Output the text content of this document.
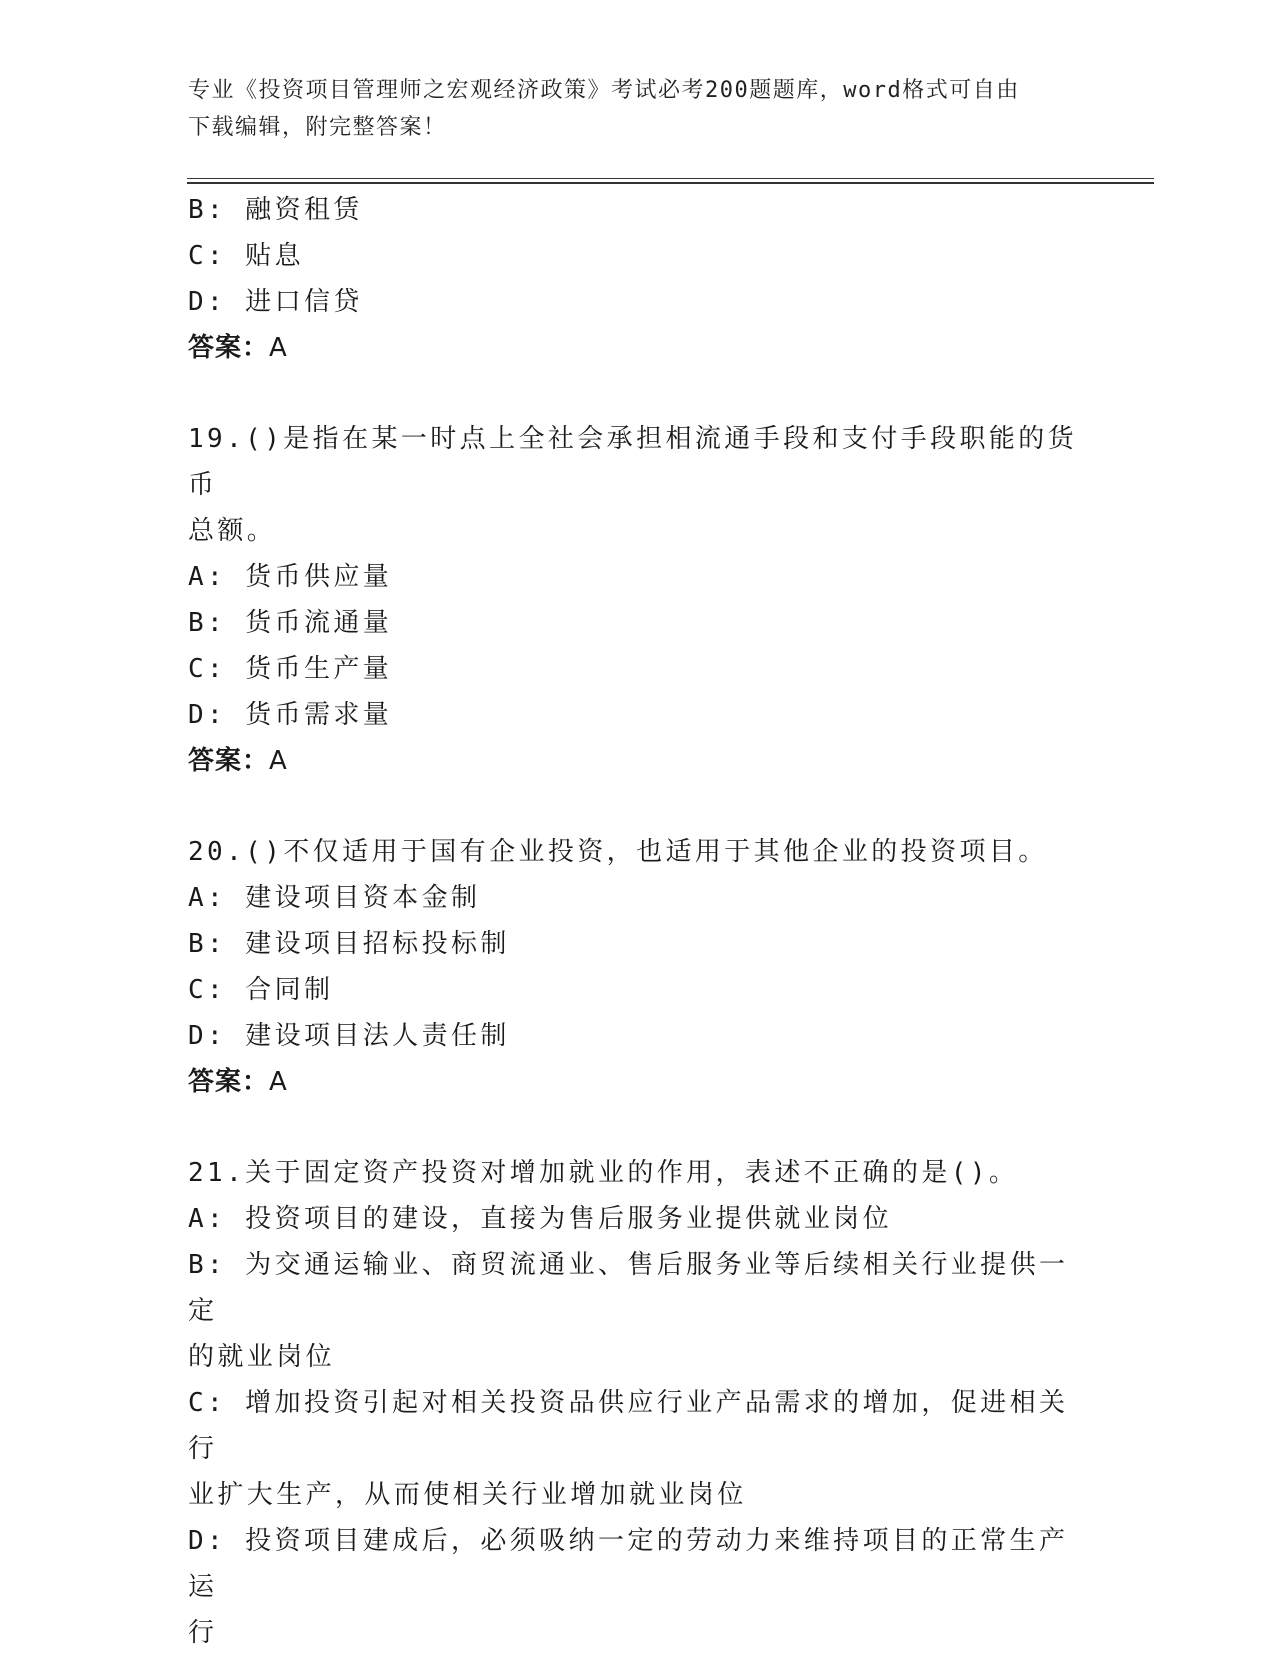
专业《投资项目管理师之宏观经济政策》考试必考200题题库，word格式可自由
下载编辑，附完整答案！
B: 融资租赁
C: 贴息
D: 进口信贷
答案：A
19.()是指在某一时点上全社会承担相流通手段和支付手段职能的货币
总额。
A: 货币供应量
B: 货币流通量
C: 货币生产量
D: 货币需求量
答案：A
20.()不仅适用于国有企业投资，也适用于其他企业的投资项目。
A: 建设项目资本金制
B: 建设项目招标投标制
C: 合同制
D: 建设项目法人责任制
答案：A
21.关于固定资产投资对增加就业的作用，表述不正确的是()。
A: 投资项目的建设，直接为售后服务业提供就业岗位
B: 为交通运输业、商贸流通业、售后服务业等后续相关行业提供一定
的就业岗位
C: 增加投资引起对相关投资品供应行业产品需求的增加，促进相关行
业扩大生产，从而使相关行业增加就业岗位
D: 投资项目建成后，必须吸纳一定的劳动力来维持项目的正常生产运
行
